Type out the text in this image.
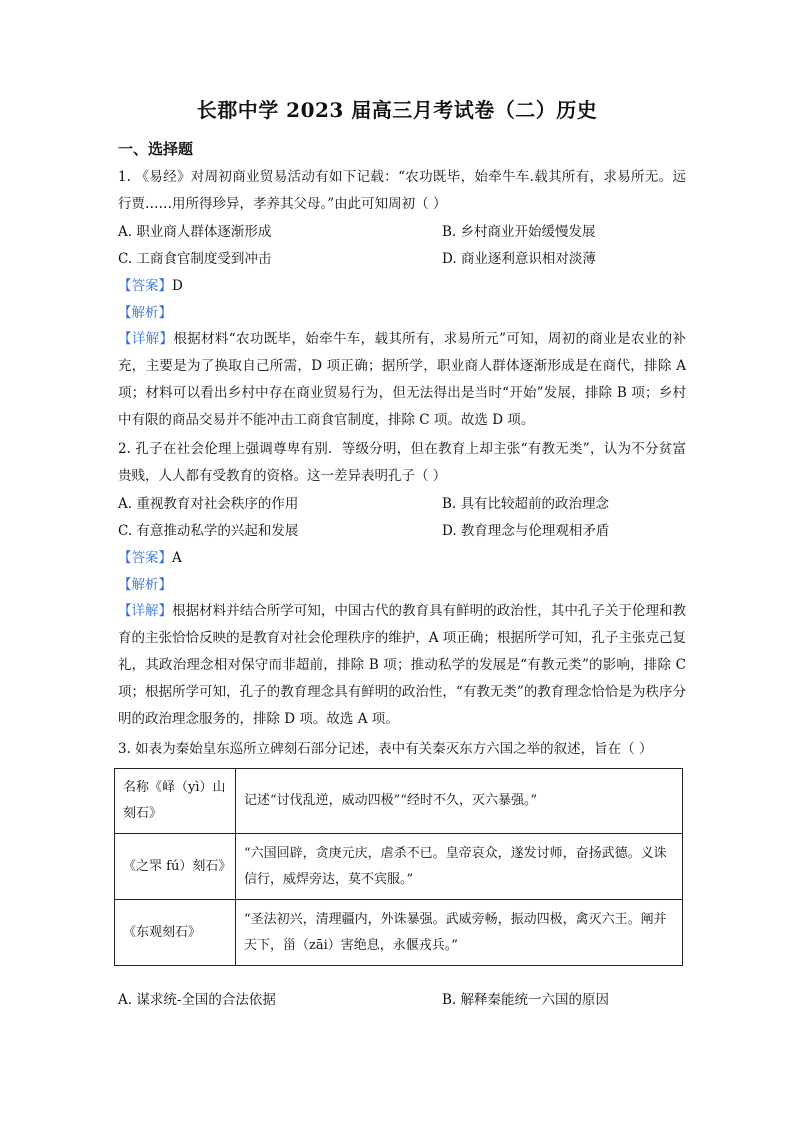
长郡中学 2023 届高三月考试卷（二）历史
一、选择题
1. 《易经》对周初商业贸易活动有如下记载：“农功既毕，始牵牛车.载其所有，求易所无。远行贾……用所得珍异，孝养其父母。”由此可知周初（ ）
A. 职业商人群体逐渐形成	B. 乡村商业开始缓慢发展
C. 工商食官制度受到冲击	D. 商业逐利意识相对淡薄
【答案】D
【解析】
【详解】根据材料“农功既毕，始牵牛车，载其所有，求易所元”可知，周初的商业是农业的补充，主要是为了换取自己所需，D 项正确；据所学，职业商人群体逐渐形成是在商代，排除 A 项；材料可以看出乡村中存在商业贸易行为，但无法得出是当时“开始”发展，排除 B 项；乡村中有限的商品交易并不能冲击工商食官制度，排除 C 项。故选 D 项。
2. 孔子在社会伦理上强调尊卑有别．等级分明，但在教育上却主张“有教无类”，认为不分贫富贵贱，人人都有受教育的资格。这一差异表明孔子（ ）
A. 重视教育对社会秩序的作用	B. 具有比较超前的政治理念
C. 有意推动私学的兴起和发展	D. 教育理念与伦理观相矛盾
【答案】A
【解析】
【详解】根据材料并结合所学可知，中国古代的教育具有鲜明的政治性，其中孔子关于伦理和教育的主张恰恰反映的是教育对社会伦理秩序的维护，A 项正确；根据所学可知，孔子主张克己复礼，其政治理念相对保守而非超前，排除 B 项；推动私学的发展是“有教元类”的影响，排除 C 项；根据所学可知，孔子的教育理念具有鲜明的政治性，“有教无类”的教育理念恰恰是为秩序分明的政治理念服务的，排除 D 项。故选 A 项。
3. 如表为秦始皇东巡所立碑刻石部分记述，表中有关秦灭东方六国之举的叙述，旨在（ ）
名称《峄（yì）山刻石》	记述“讨伐乱逆，威动四极”“经时不久，灭六暴强。”
《之罘 fú）刻石》	“六国回辟，贪庚元庆，虐杀不已。皇帝哀众，遂发讨师，奋扬武德。义诛信行，威焊旁达，莫不宾服。”
《东观刻石》	“圣法初兴，清理疆内，外诛暴强。武威旁畅，振动四极，禽灭六王。阐并天下，甾（zāi）害绝息，永偃戎兵。”
A. 谋求统-全国的合法依据	B. 解释秦能统一六国的原因
